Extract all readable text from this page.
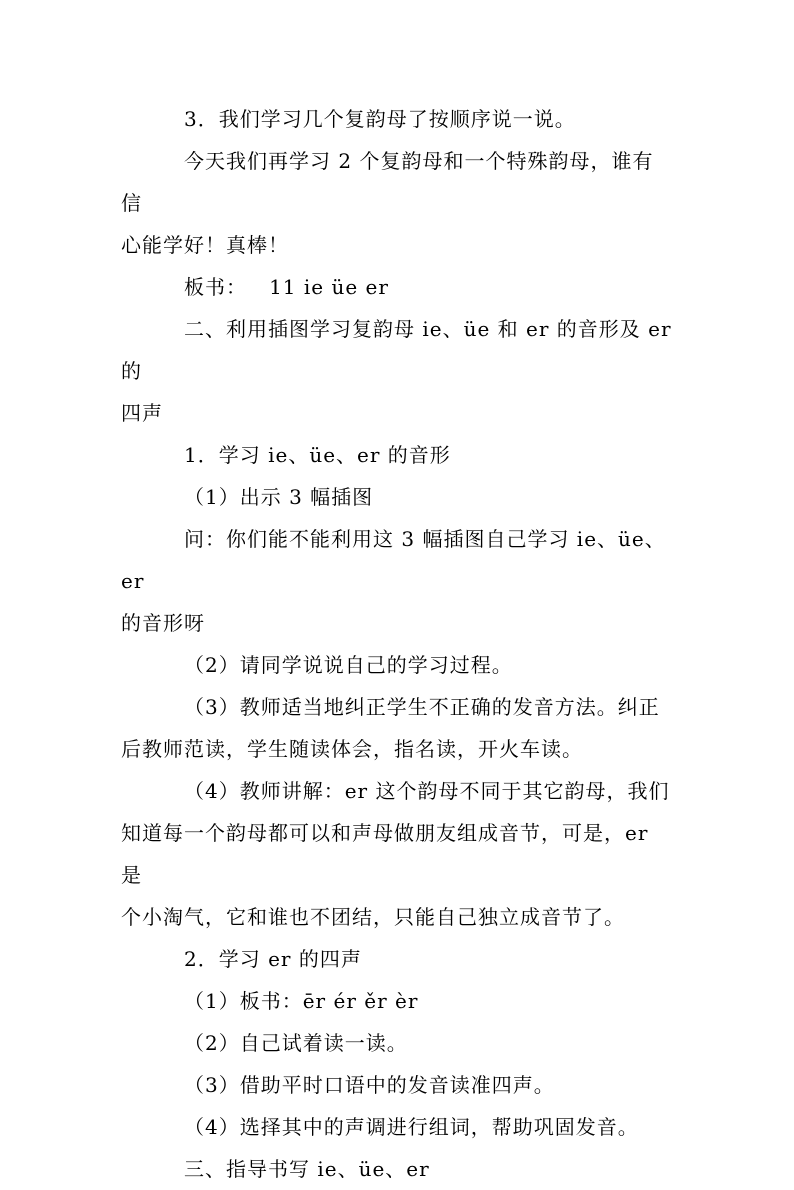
3．我们学习几个复韵母了按顺序说一说。

今天我们再学习 2 个复韵母和一个特殊韵母，谁有信

心能学好！真棒！

板书：   11 ie üe er

二、利用插图学习复韵母 ie、üe 和 er 的音形及 er 的

四声

1．学习 ie、üe、er 的音形

（1）出示 3 幅插图

问：你们能不能利用这 3 幅插图自己学习 ie、üe、er

的音形呀

（2）请同学说说自己的学习过程。

（3）教师适当地纠正学生不正确的发音方法。纠正

后教师范读，学生随读体会，指名读，开火车读。

（4）教师讲解：er 这个韵母不同于其它韵母，我们

知道每一个韵母都可以和声母做朋友组成音节，可是，er 是

个小淘气，它和谁也不团结，只能自己独立成音节了。

2．学习 er 的四声

（1）板书：ēr ér ěr èr

（2）自己试着读一读。

（3）借助平时口语中的发音读准四声。

（4）选择其中的声调进行组词，帮助巩固发音。

三、指导书写 ie、üe、er
